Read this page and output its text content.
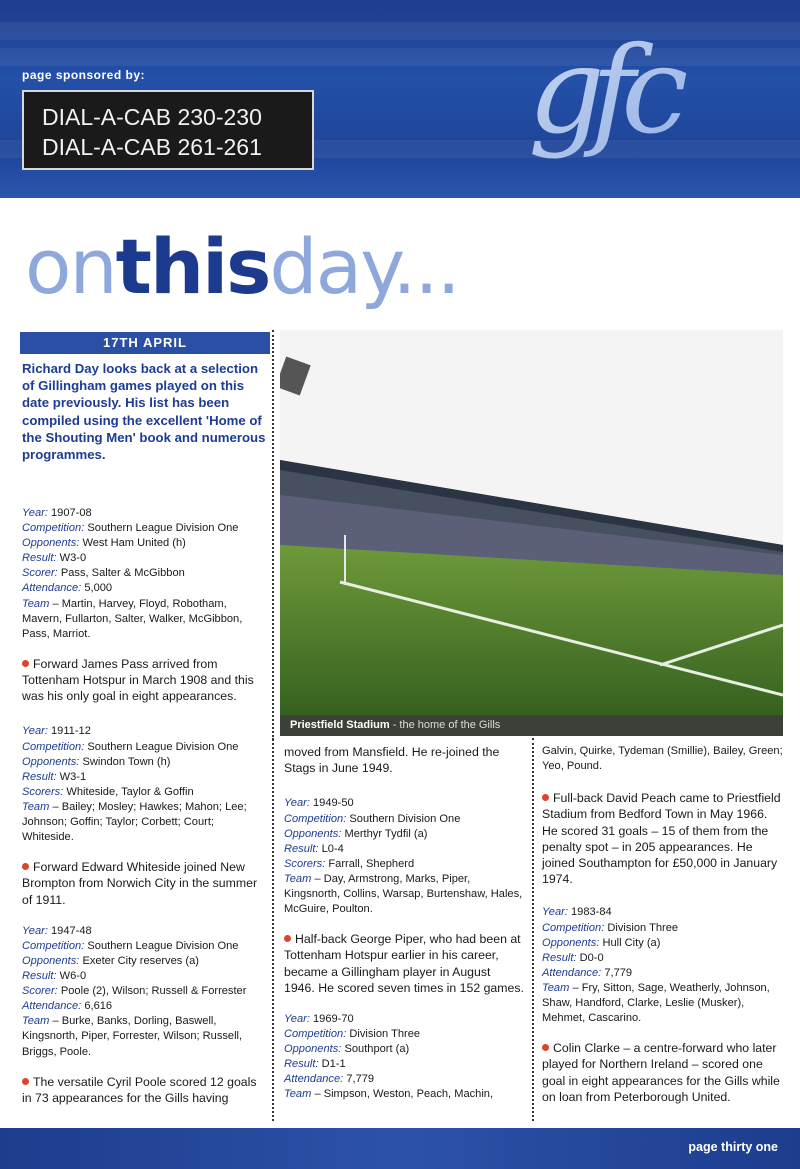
page sponsored by:
DIAL-A-CAB 230-230
DIAL-A-CAB 261-261	gfc
onthisday...
17TH APRIL
Richard Day looks back at a selection of Gillingham games played on this date previously. His list has been compiled using the excellent 'Home of the Shouting Men' book and numerous programmes.

Year: 1907-08
Competition: Southern League Division One
Opponents: West Ham United (h)
Result: W3-0
Scorer: Pass, Salter & McGibbon
Attendance: 5,000
Team – Martin, Harvey, Floyd, Robotham, Mavern, Fullarton, Salter, Walker, McGibbon, Pass, Marriot.

Forward James Pass arrived from Tottenham Hotspur in March 1908 and this was his only goal in eight appearances.

Year: 1911-12
Competition: Southern League Division One
Opponents: Swindon Town (h)
Result: W3-1
Scorers: Whiteside, Taylor & Goffin
Team – Bailey; Mosley; Hawkes; Mahon; Lee; Johnson; Goffin; Taylor; Corbett; Court; Whiteside.

Forward Edward Whiteside joined New Brompton from Norwich City in the summer of 1911.

Year: 1947-48
Competition: Southern League Division One
Opponents: Exeter City reserves (a)
Result: W6-0
Scorer: Poole (2), Wilson; Russell & Forrester
Attendance: 6,616
Team – Burke, Banks, Dorling, Baswell, Kingsnorth, Piper, Forrester, Wilson; Russell, Briggs, Poole.

The versatile Cyril Poole scored 12 goals in 73 appearances for the Gills having

Priestfield Stadium - the home of the Gills

moved from Mansfield. He re-joined the Stags in June 1949.

Year: 1949-50
Competition: Southern Division One
Opponents: Merthyr Tydfil (a)
Result: L0-4
Scorers: Farrall, Shepherd
Team – Day, Armstrong, Marks, Piper, Kingsnorth, Collins, Warsap, Burtenshaw, Hales, McGuire, Poulton.

Half-back George Piper, who had been at Tottenham Hotspur earlier in his career, became a Gillingham player in August 1946. He scored seven times in 152 games.

Year: 1969-70
Competition: Division Three
Opponents: Southport (a)
Result: D1-1
Attendance: 7,779
Team – Simpson, Weston, Peach, Machin,

Galvin, Quirke, Tydeman (Smillie), Bailey, Green; Yeo, Pound.

Full-back David Peach came to Priestfield Stadium from Bedford Town in May 1966. He scored 31 goals – 15 of them from the penalty spot – in 205 appearances. He joined Southampton for £50,000 in January 1974.

Year: 1983-84
Competition: Division Three
Opponents: Hull City (a)
Result: D0-0
Attendance: 7,779
Team – Fry, Sitton, Sage, Weatherly, Johnson, Shaw, Handford, Clarke, Leslie (Musker), Mehmet, Cascarino.

Colin Clarke – a centre-forward who later played for Northern Ireland – scored one goal in eight appearances for the Gills while on loan from Peterborough United.

page thirty one
